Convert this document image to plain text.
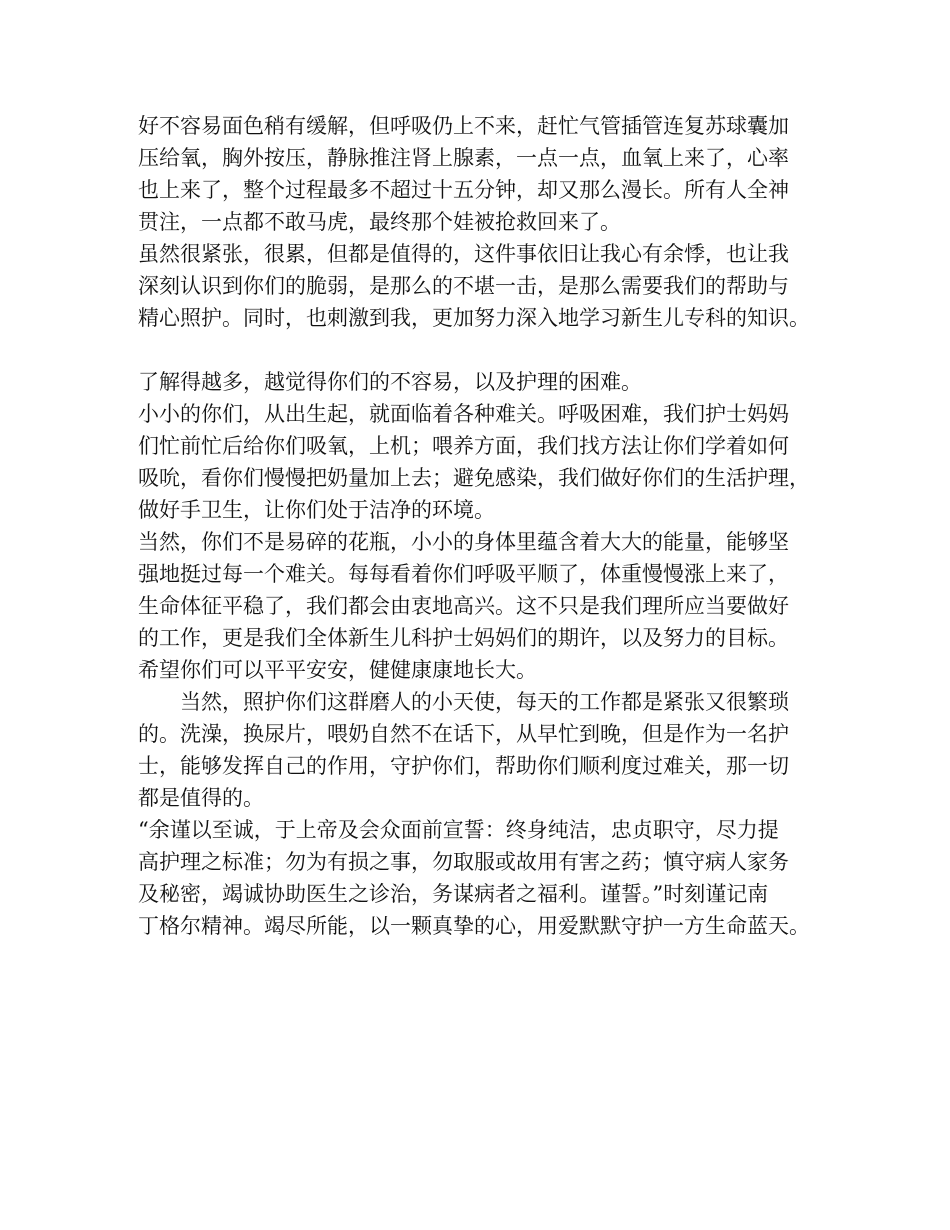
好不容易面色稍有缓解，但呼吸仍上不来，赶忙气管插管连复苏球囊加

压给氧，胸外按压，静脉推注肾上腺素，一点一点，血氧上来了，心率

也上来了，整个过程最多不超过十五分钟，却又那么漫长。所有人全神

贯注，一点都不敢马虎，最终那个娃被抢救回来了。

虽然很紧张，很累，但都是值得的，这件事依旧让我心有余悸，也让我

深刻认识到你们的脆弱，是那么的不堪一击，是那么需要我们的帮助与

精心照护。同时，也刺激到我，更加努力深入地学习新生儿专科的知识。

了解得越多，越觉得你们的不容易，以及护理的困难。

小小的你们，从出生起，就面临着各种难关。呼吸困难，我们护士妈妈

们忙前忙后给你们吸氧，上机；喂养方面，我们找方法让你们学着如何

吸吮，看你们慢慢把奶量加上去；避免感染，我们做好你们的生活护理，

做好手卫生，让你们处于洁净的环境。

当然，你们不是易碎的花瓶，小小的身体里蕴含着大大的能量，能够坚

强地挺过每一个难关。每每看着你们呼吸平顺了，体重慢慢涨上来了，

生命体征平稳了，我们都会由衷地高兴。这不只是我们理所应当要做好

的工作，更是我们全体新生儿科护士妈妈们的期许，以及努力的目标。

希望你们可以平平安安，健健康康地长大。

　　当然，照护你们这群磨人的小天使，每天的工作都是紧张又很繁琐

的。洗澡，换尿片，喂奶自然不在话下，从早忙到晚，但是作为一名护

士，能够发挥自己的作用，守护你们，帮助你们顺利度过难关，那一切

都是值得的。

“余谨以至诚，于上帝及会众面前宣誓：终身纯洁，忠贞职守，尽力提

高护理之标准；勿为有损之事，勿取服或故用有害之药；慎守病人家务

及秘密，竭诚协助医生之诊治，务谋病者之福利。谨誓。”时刻谨记南

丁格尔精神。竭尽所能，以一颗真挚的心，用爱默默守护一方生命蓝天。
